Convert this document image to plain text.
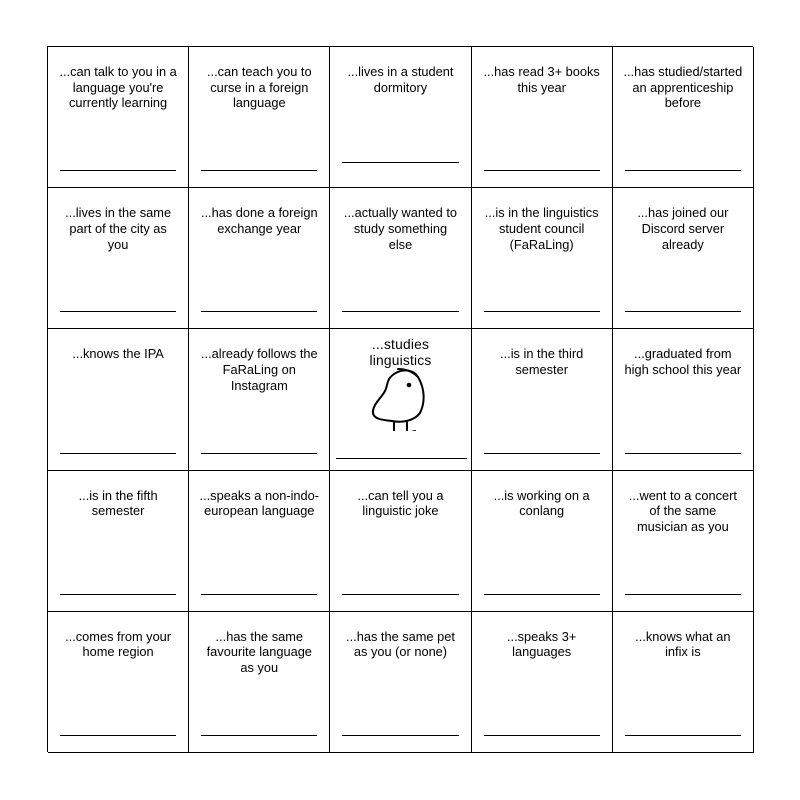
...can talk to you in a language you're currently learning
...can teach you to curse in a foreign language
...lives in a student dormitory
...has read 3+ books this year
...has studied/started an apprenticeship before
...lives in the same part of the city as you
...has done a foreign exchange year
...actually wanted to study something else
...is in the linguistics student council (FaRaLing)
...has joined our Discord server already
...knows the IPA	...already follows the FaRaLing on Instagram
...studies linguistics	...is in the third semester
...graduated from high school this year
...is in the fifth semester
...speaks a non-indo-european language
...can tell you a linguistic joke
...is working on a conlang
...went to a concert of the same musician as you
...comes from your home region
...has the same favourite language as you
...has the same pet as you (or none)
...speaks 3+ languages
...knows what an infix is
